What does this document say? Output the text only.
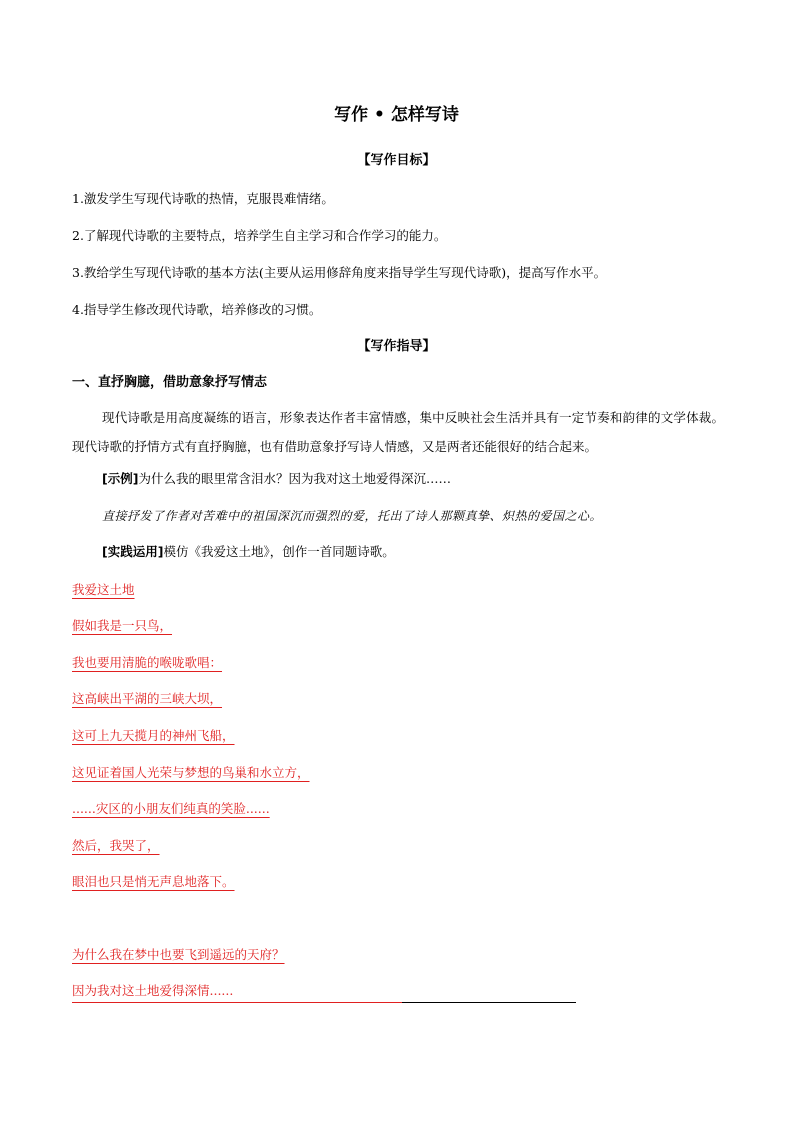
写作 • 怎样写诗
【写作目标】
1.激发学生写现代诗歌的热情，克服畏难情绪。
2.了解现代诗歌的主要特点，培养学生自主学习和合作学习的能力。
3.教给学生写现代诗歌的基本方法(主要从运用修辞角度来指导学生写现代诗歌)，提高写作水平。
4.指导学生修改现代诗歌，培养修改的习惯。
【写作指导】
一、直抒胸臆，借助意象抒写情志
现代诗歌是用高度凝练的语言，形象表达作者丰富情感，集中反映社会生活并具有一定节奏和韵律的文学体裁。现代诗歌的抒情方式有直抒胸臆，也有借助意象抒写诗人情感，又是两者还能很好的结合起来。
[示例]为什么我的眼里常含泪水？因为我对这土地爱得深沉……
直接抒发了作者对苦难中的祖国深沉而强烈的爱，托出了诗人那颗真挚、炽热的爱国之心。
[实践运用]模仿《我爱这土地》，创作一首同题诗歌。
我爱这土地
假如我是一只鸟，
我也要用清脆的喉咙歌唱：
这高峡出平湖的三峡大坝，
这可上九天揽月的神州飞船，
这见证着国人光荣与梦想的鸟巢和水立方，
......灾区的小朋友们纯真的笑脸......
然后，我哭了，
眼泪也只是悄无声息地落下。
为什么我在梦中也要飞到遥远的天府？
因为我对这土地爱得深情......
